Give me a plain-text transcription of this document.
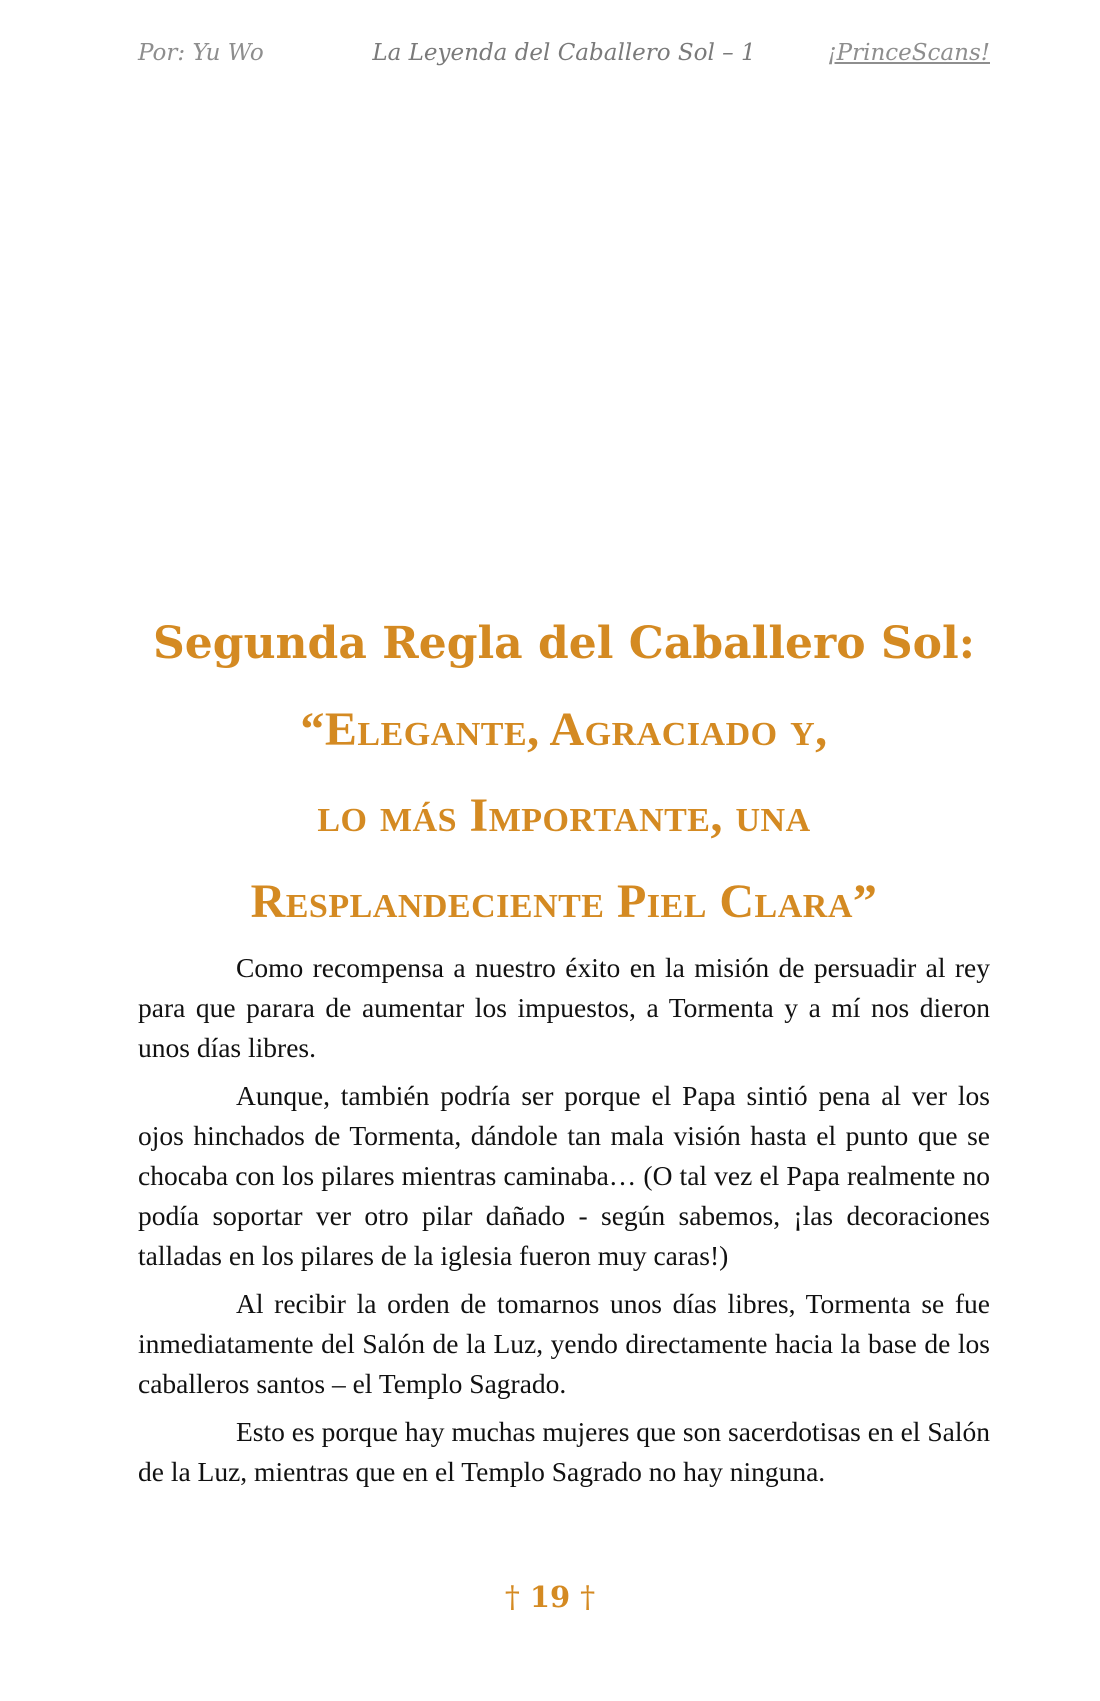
Por: Yu Wo	La Leyenda del Caballero Sol – 1	¡PrinceScans!
Segunda Regla del Caballero Sol:
“Elegante, Agraciado y,
lo más Importante, una
Resplandeciente Piel Clara”

Como recompensa a nuestro éxito en la misión de persuadir al rey para que parara de aumentar los impuestos, a Tormenta y a mí nos dieron unos días libres.

Aunque, también podría ser porque el Papa sintió pena al ver los ojos hinchados de Tormenta, dándole tan mala visión hasta el punto que se chocaba con los pilares mientras caminaba… (O tal vez el Papa realmente no podía soportar ver otro pilar dañado - según sabemos, ¡las decoraciones talladas en los pilares de la iglesia fueron muy caras!)

Al recibir la orden de tomarnos unos días libres, Tormenta se fue inmediatamente del Salón de la Luz, yendo directamente hacia la base de los caballeros santos – el Templo Sagrado.

Esto es porque hay muchas mujeres que son sacerdotisas en el Salón de la Luz, mientras que en el Templo Sagrado no hay ninguna.

† 19 †
